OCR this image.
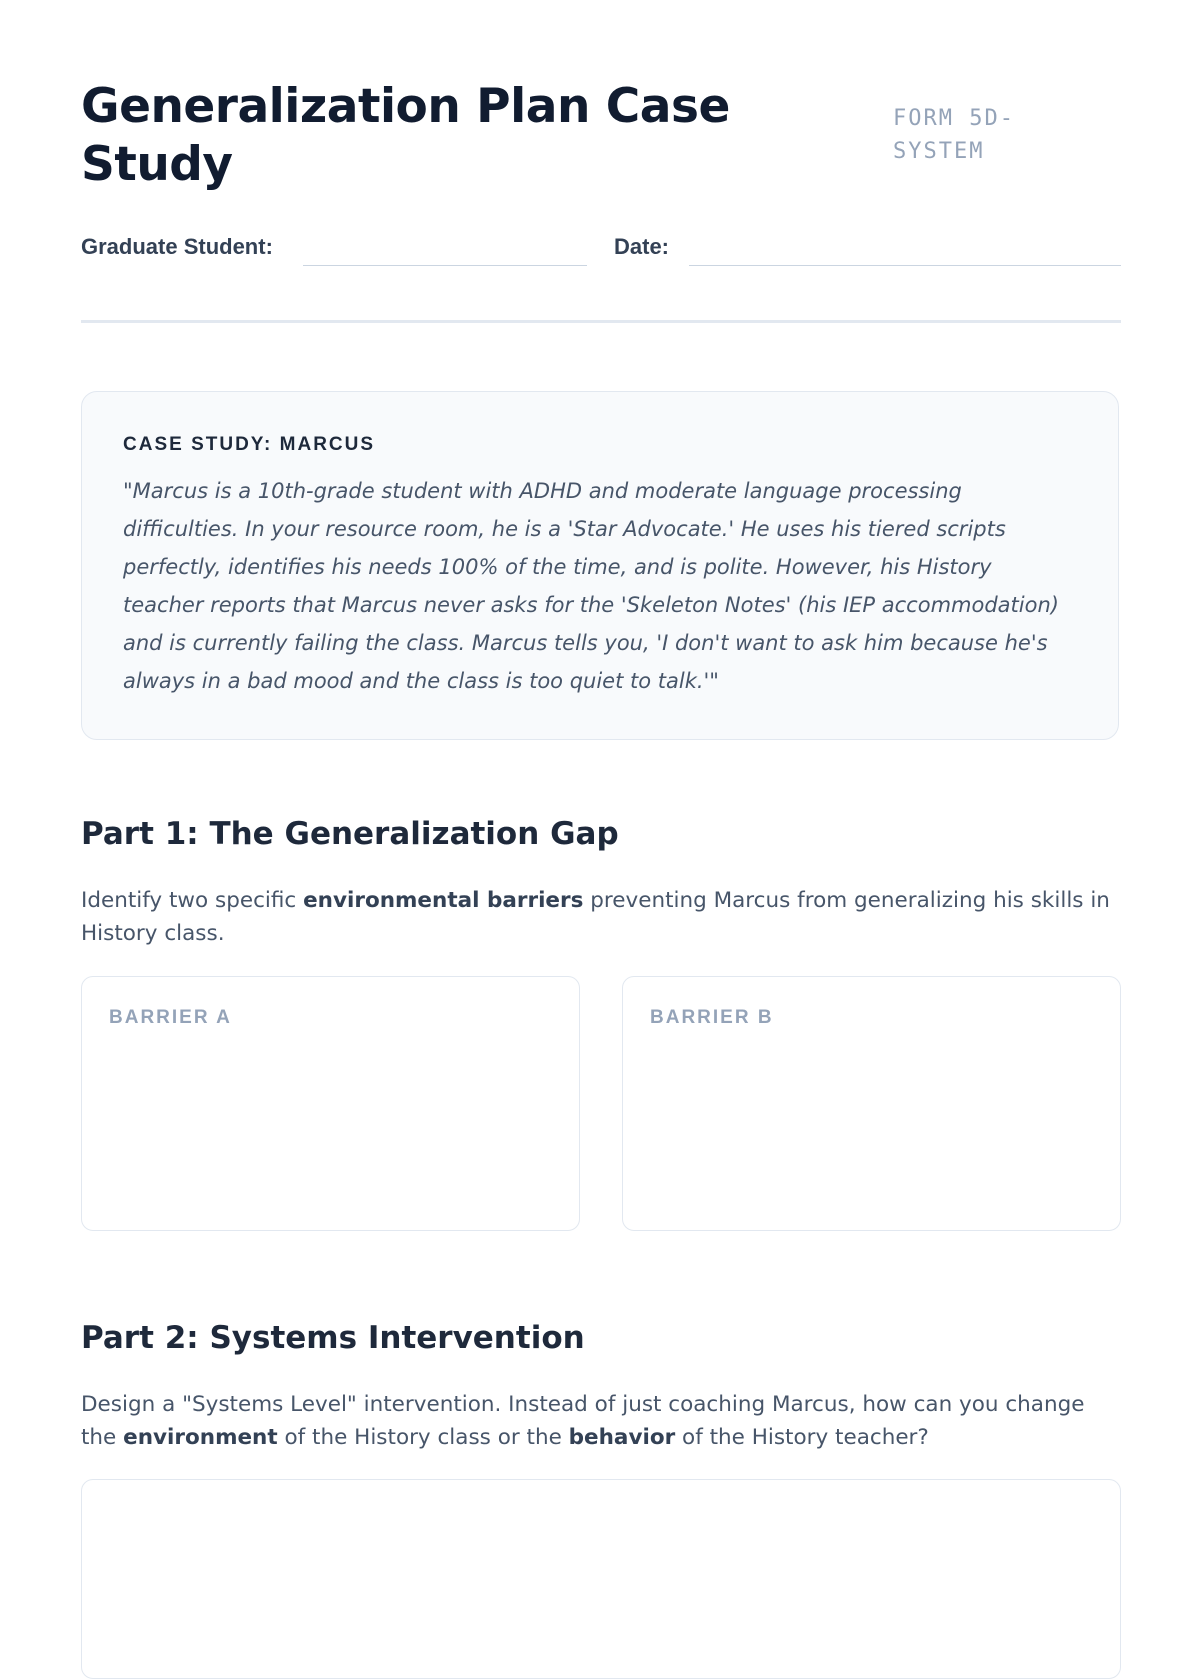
Generalization Plan Case Study
FORM 5D-SYSTEM
Graduate Student:	Date:
CASE STUDY: MARCUS

"Marcus is a 10th-grade student with ADHD and moderate language processing difficulties. In your resource room, he is a 'Star Advocate.' He uses his tiered scripts perfectly, identifies his needs 100% of the time, and is polite. However, his History teacher reports that Marcus never asks for the 'Skeleton Notes' (his IEP accommodation) and is currently failing the class. Marcus tells you, 'I don't want to ask him because he's always in a bad mood and the class is too quiet to talk.'"

Part 1: The Generalization Gap

Identify two specific environmental barriers preventing Marcus from generalizing his skills in History class.

BARRIER A	BARRIER B
Part 2: Systems Intervention

Design a "Systems Level" intervention. Instead of just coaching Marcus, how can you change the environment of the History class or the behavior of the History teacher?
